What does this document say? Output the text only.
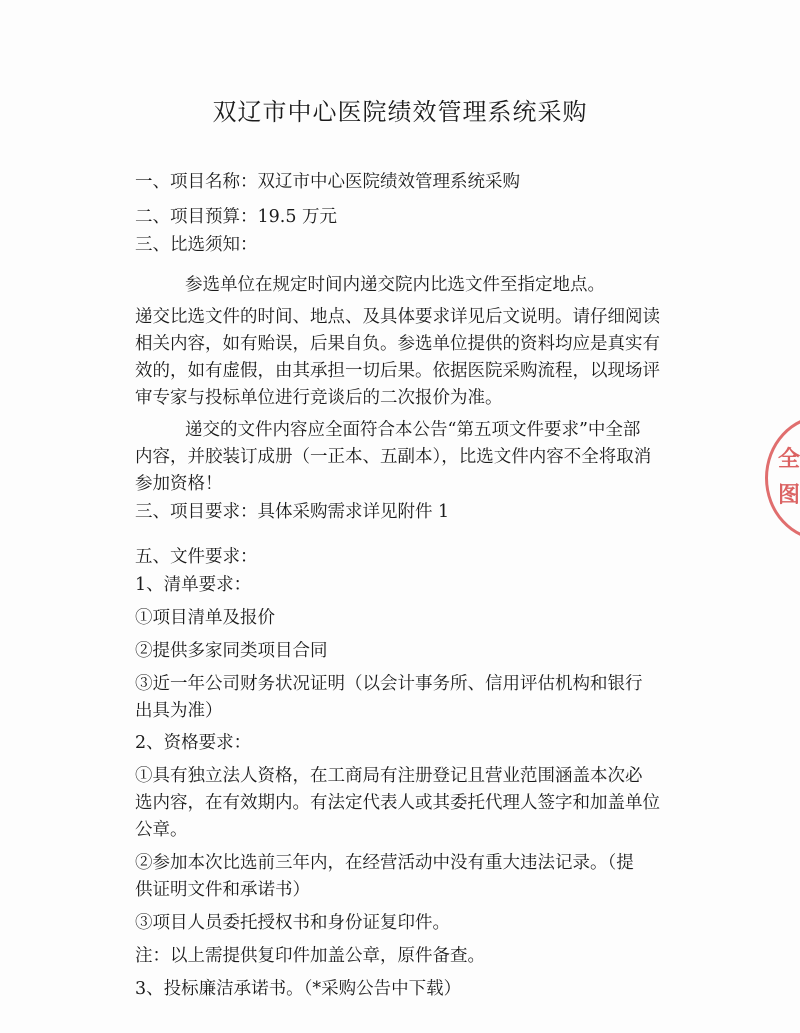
双辽市中心医院绩效管理系统采购
一、项目名称：双辽市中心医院绩效管理系统采购
二、项目预算：19.5 万元
三、比选须知：
参选单位在规定时间内递交院内比选文件至指定地点。
递交比选文件的时间、地点、及具体要求详见后文说明。请仔细阅读
相关内容，如有贻误，后果自负。参选单位提供的资料均应是真实有
效的，如有虚假，由其承担一切后果。依据医院采购流程，以现场评
审专家与投标单位进行竞谈后的二次报价为准。
递交的文件内容应全面符合本公告“第五项文件要求”中全部
内容，并胶装订成册（一正本、五副本），比选文件内容不全将取消
参加资格！
三、项目要求：具体采购需求详见附件 1
五、文件要求：
1、清单要求：
①项目清单及报价
②提供多家同类项目合同
③近一年公司财务状况证明（以会计事务所、信用评估机构和银行
出具为准）
2、资格要求：
①具有独立法人资格，在工商局有注册登记且营业范围涵盖本次必
选内容，在有效期内。有法定代表人或其委托代理人签字和加盖单位
公章。
②参加本次比选前三年内，在经营活动中没有重大违法记录。（提
供证明文件和承诺书）
③项目人员委托授权书和身份证复印件。
注：以上需提供复印件加盖公章，原件备查。
3、投标廉洁承诺书。（*采购公告中下载）
全
图
